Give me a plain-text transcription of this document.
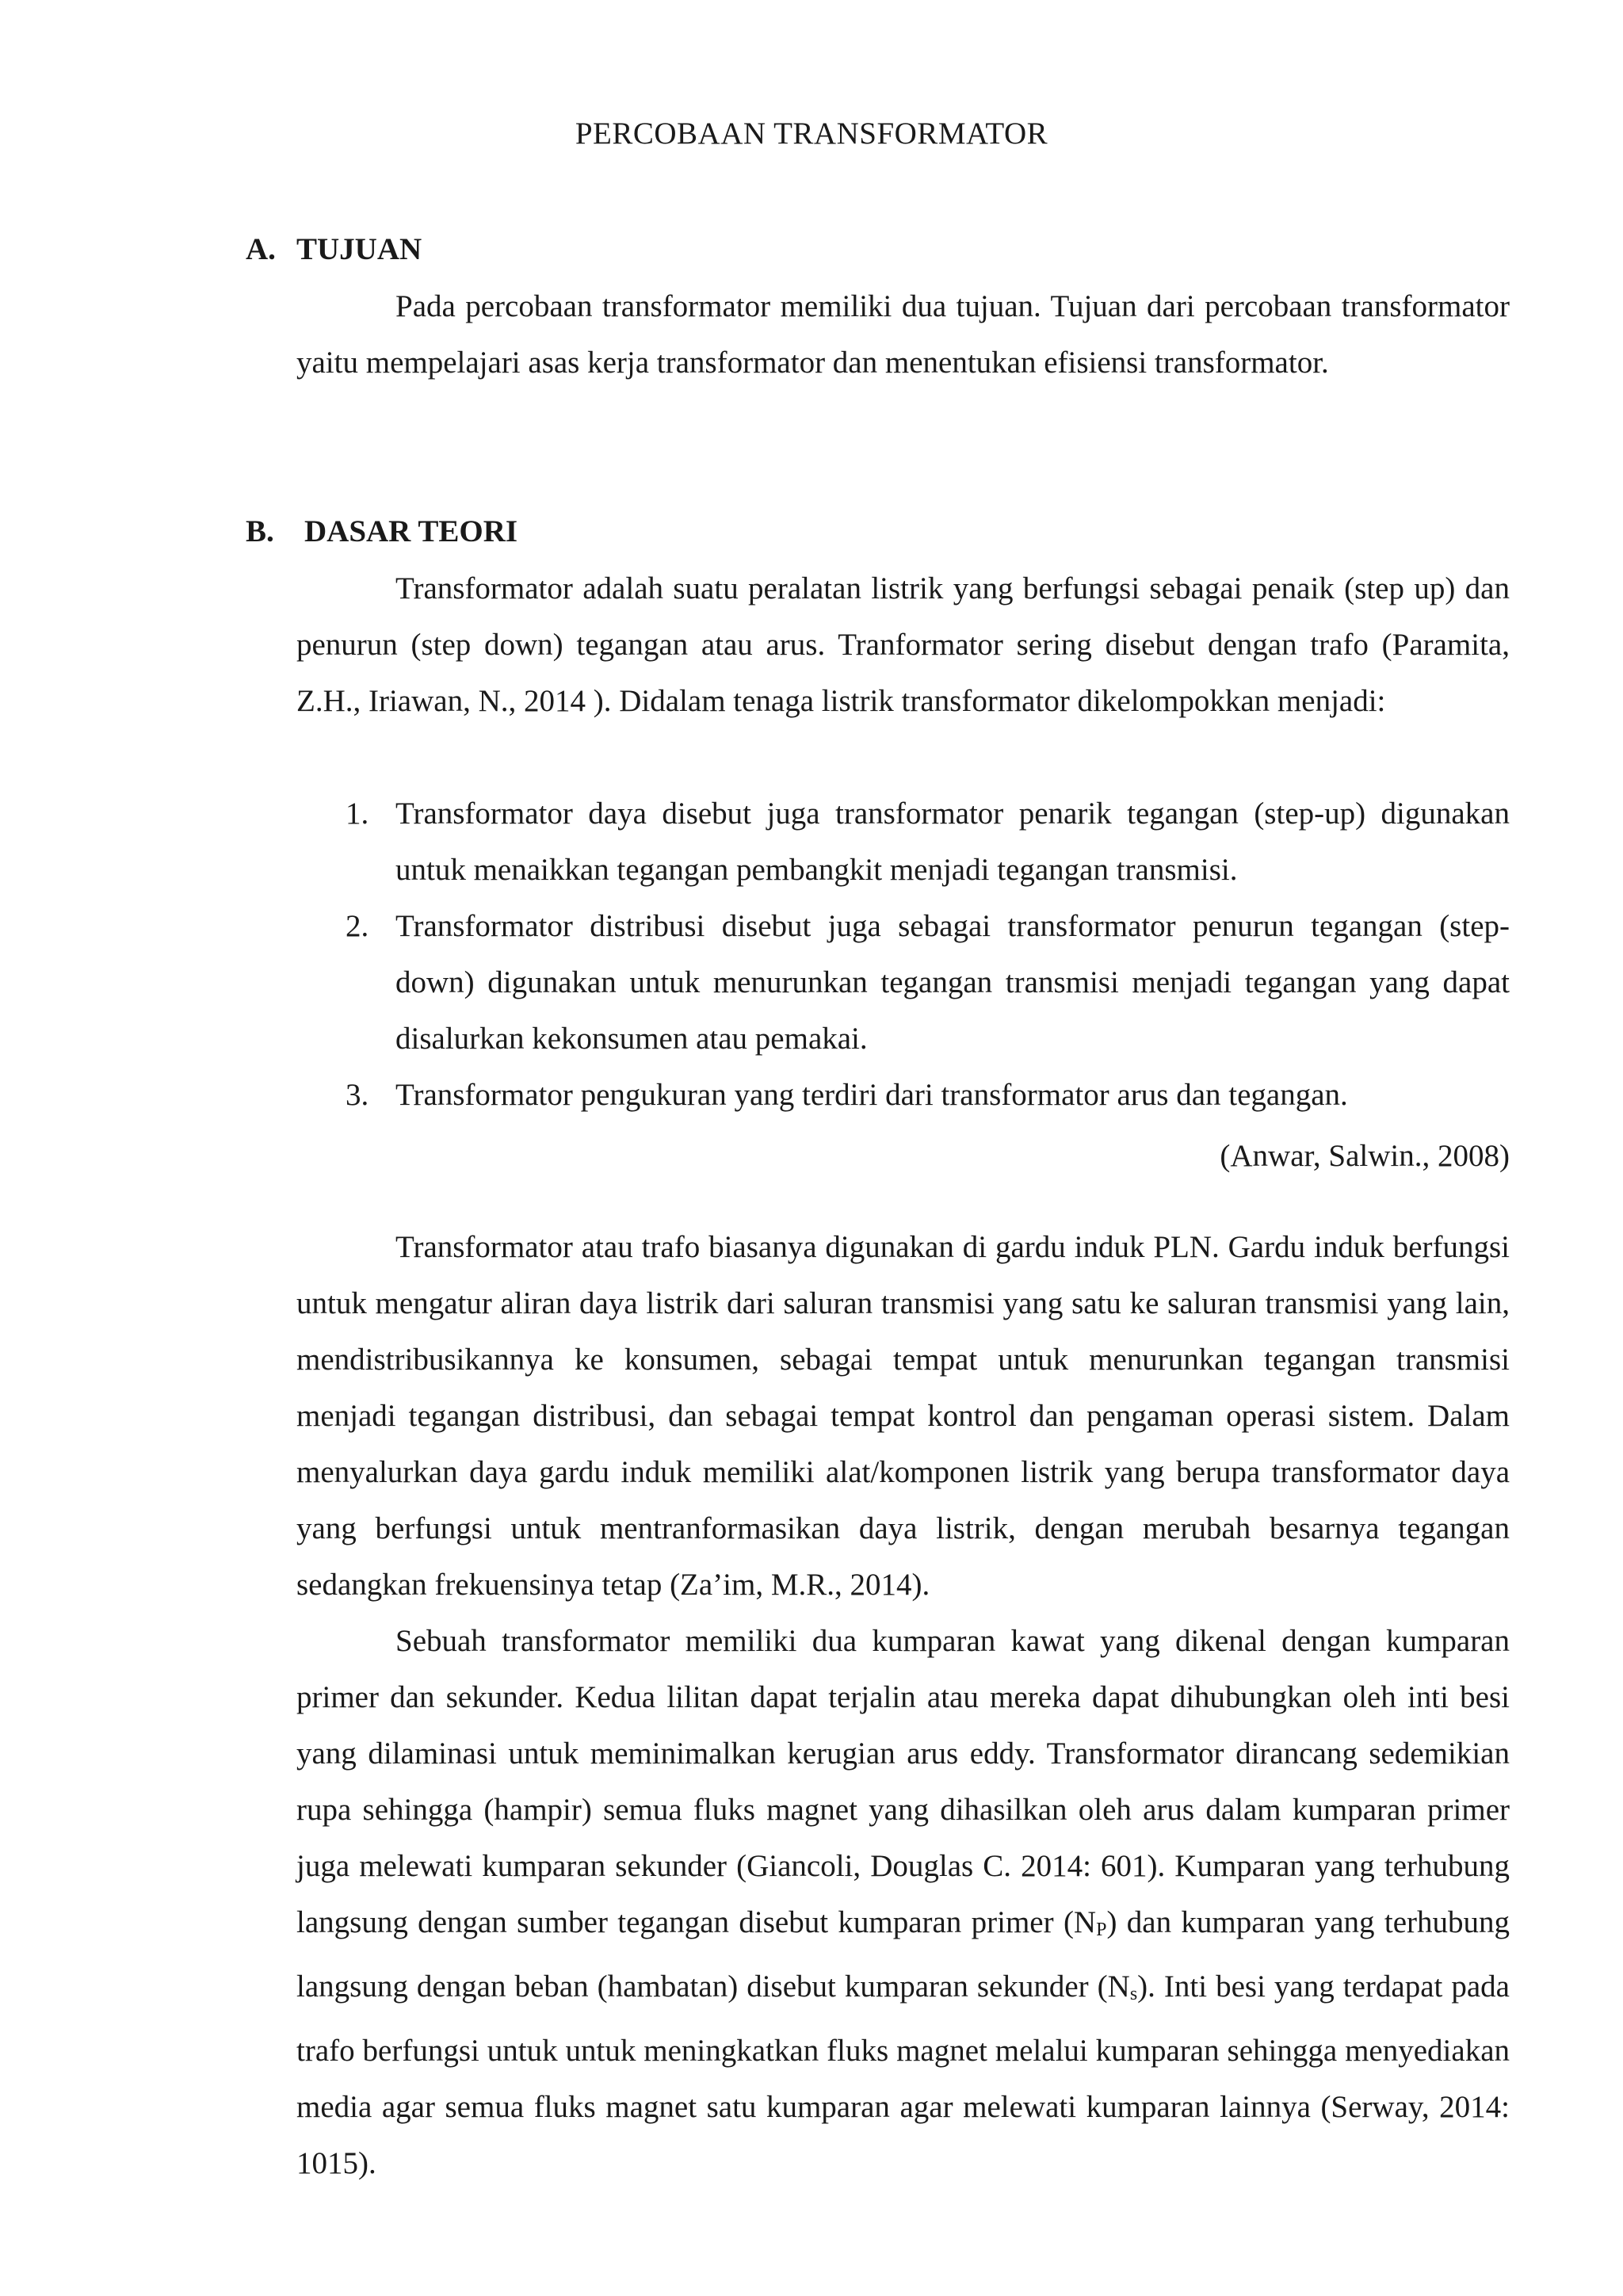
PERCOBAAN TRANSFORMATOR
A. TUJUAN

Pada percobaan transformator memiliki dua tujuan. Tujuan dari percobaan transformator yaitu mempelajari asas kerja transformator dan menentukan efisiensi transformator.

B. DASAR TEORI

Transformator adalah suatu peralatan listrik yang berfungsi sebagai penaik (step up) dan penurun (step down) tegangan atau arus. Tranformator sering disebut dengan trafo (Paramita, Z.H., Iriawan, N., 2014 ). Didalam tenaga listrik transformator dikelompokkan menjadi:

1. Transformator daya disebut juga transformator penarik tegangan (step-up) digunakan untuk menaikkan tegangan pembangkit menjadi tegangan transmisi.
2. Transformator distribusi disebut juga sebagai transformator penurun tegangan (step-down) digunakan untuk menurunkan tegangan transmisi menjadi tegangan yang dapat disalurkan kekonsumen atau pemakai.
3. Transformator pengukuran yang terdiri dari transformator arus dan tegangan.
(Anwar, Salwin., 2008)

Transformator atau trafo biasanya digunakan di gardu induk PLN. Gardu induk berfungsi untuk mengatur aliran daya listrik dari saluran transmisi yang satu ke saluran transmisi yang lain, mendistribusikannya ke konsumen, sebagai tempat untuk menurunkan tegangan transmisi menjadi tegangan distribusi, dan sebagai tempat kontrol dan pengaman operasi sistem. Dalam menyalurkan daya gardu induk memiliki alat/komponen listrik yang berupa transformator daya yang berfungsi untuk mentranformasikan daya listrik, dengan merubah besarnya tegangan sedangkan frekuensinya tetap (Za’im, M.R., 2014).

Sebuah transformator memiliki dua kumparan kawat yang dikenal dengan kumparan primer dan sekunder. Kedua lilitan dapat terjalin atau mereka dapat dihubungkan oleh inti besi yang dilaminasi untuk meminimalkan kerugian arus eddy. Transformator dirancang sedemikian rupa sehingga (hampir) semua fluks magnet yang dihasilkan oleh arus dalam kumparan primer juga melewati kumparan sekunder (Giancoli, Douglas C. 2014: 601). Kumparan yang terhubung langsung dengan sumber tegangan disebut kumparan primer $(N_P)$ dan kumparan yang terhubung langsung dengan beban (hambatan) disebut kumparan sekunder $(N_s)$. Inti besi yang terdapat pada trafo berfungsi untuk untuk meningkatkan fluks magnet melalui kumparan sehingga menyediakan media agar semua fluks magnet satu kumparan agar melewati kumparan lainnya (Serway, 2014: 1015).
